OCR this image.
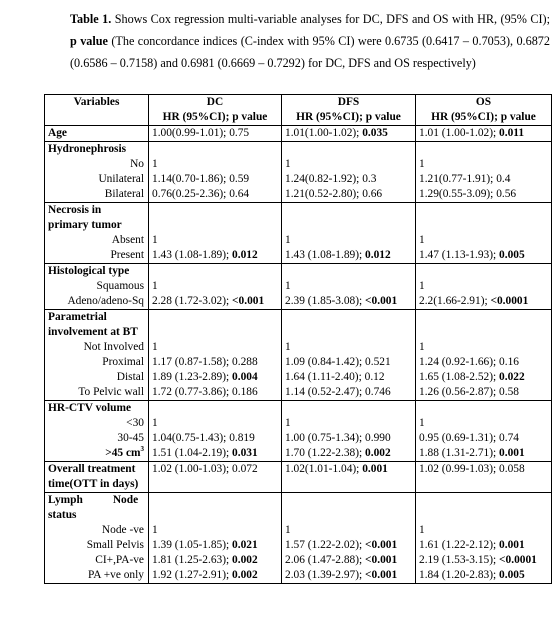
Table 1. Shows Cox regression multi-variable analyses for DC, DFS and OS with HR, (95% CI); p value (The concordance indices (C-index with 95% CI) were 0.6735 (0.6417 – 0.7053), 0.6872 (0.6586 – 0.7158) and 0.6981 (0.6669 – 0.7292) for DC, DFS and OS respectively)
Variables	DC	DFS	OS
	HR (95%CI); p value	HR (95%CI); p value	HR (95%CI); p value
Age	1.00(0.99-1.01); 0.75	1.01(1.00-1.02); 0.035	1.01 (1.00-1.02); 0.011
Hydronephrosis			
No	1	1	1
Unilateral	1.14(0.70-1.86); 0.59	1.24(0.82-1.92); 0.3	1.21(0.77-1.91); 0.4
Bilateral	0.76(0.25-2.36); 0.64	1.21(0.52-2.80); 0.66	1.29(0.55-3.09); 0.56
Necrosis in			
primary tumor			
Absent	1	1	1
Present	1.43 (1.08-1.89); 0.012	1.43 (1.08-1.89); 0.012	1.47 (1.13-1.93); 0.005
Histological type			
Squamous	1	1	1
Adeno/adeno-Sq	2.28 (1.72-3.02); <0.001	2.39 (1.85-3.08); <0.001	2.2(1.66-2.91); <0.0001
Parametrial			
involvement at BT			
Not Involved	1	1	1
Proximal	1.17 (0.87-1.58); 0.288	1.09 (0.84-1.42); 0.521	1.24 (0.92-1.66); 0.16
Distal	1.89 (1.23-2.89); 0.004	1.64 (1.11-2.40); 0.12	1.65 (1.08-2.52); 0.022
To Pelvic wall	1.72 (0.77-3.86); 0.186	1.14 (0.52-2.47); 0.746	1.26 (0.56-2.87); 0.58
HR-CTV volume			
<30	1	1	1
30-45	1.04(0.75-1.43); 0.819	1.00 (0.75-1.34); 0.990	0.95 (0.69-1.31); 0.74
>45 $cm^3$	1.51 (1.04-2.19); 0.031	1.70 (1.22-2.38); 0.002	1.88 (1.31-2.71); 0.001
Overall treatment	1.02 (1.00-1.03); 0.072	1.02(1.01-1.04); 0.001	1.02 (0.99-1.03); 0.058
time(OTT in days)			
Lymph Node			
status			
Node -ve	1	1	1
Small Pelvis	1.39 (1.05-1.85); 0.021	1.57 (1.22-2.02); <0.001	1.61 (1.22-2.12); 0.001
CI+,PA-ve	1.81 (1.25-2.63); 0.002	2.06 (1.47-2.88); <0.001	2.19 (1.53-3.15); <0.0001
PA +ve only	1.92 (1.27-2.91); 0.002	2.03 (1.39-2.97); <0.001	1.84 (1.20-2.83); 0.005
